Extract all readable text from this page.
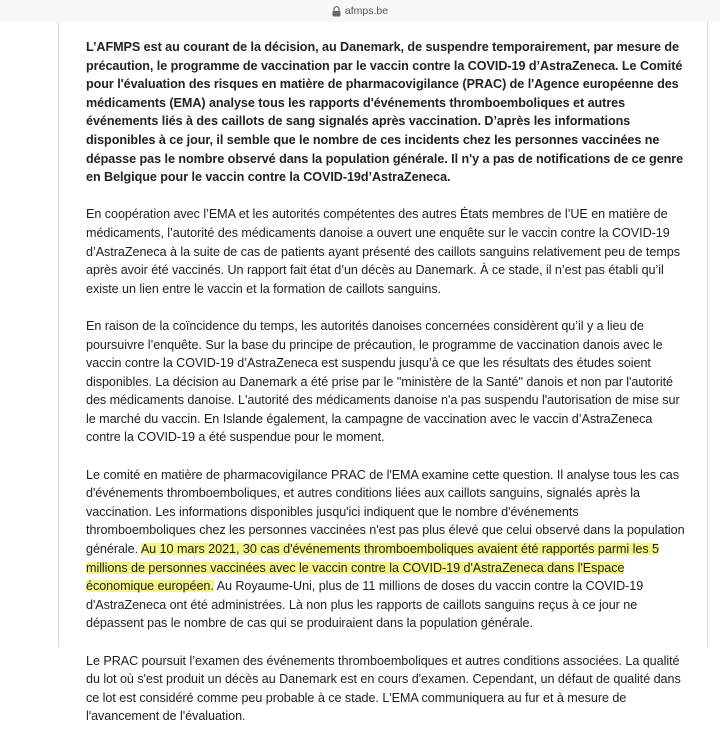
afmps.be

L’AFMPS est au courant de la décision, au Danemark, de suspendre temporairement, par mesure de précaution, le programme de vaccination par le vaccin contre la COVID-19 d’AstraZeneca. Le Comité pour l'évaluation des risques en matière de pharmacovigilance (PRAC) de l'Agence européenne des médicaments (EMA) analyse tous les rapports d'événements thromboemboliques et autres événements liés à des caillots de sang signalés après vaccination. D’après les informations disponibles à ce jour, il semble que le nombre de ces incidents chez les personnes vaccinées ne dépasse pas le nombre observé dans la population générale. Il n'y a pas de notifications de ce genre en Belgique pour le vaccin contre la COVID-19d’AstraZeneca.

En coopération avec l’EMA et les autorités compétentes des autres États membres de l’UE en matière de médicaments, l’autorité des médicaments danoise a ouvert une enquête sur le vaccin contre la COVID-19 d’AstraZeneca à la suite de cas de patients ayant présenté des caillots sanguins relativement peu de temps après avoir été vaccinés. Un rapport fait état d’un décès au Danemark. À ce stade, il n’est pas établi qu’il existe un lien entre le vaccin et la formation de caillots sanguins.

En raison de la coïncidence du temps, les autorités danoises concernées considèrent qu’il y a lieu de poursuivre l’enquête. Sur la base du principe de précaution, le programme de vaccination danois avec le vaccin contre la COVID-19 d’AstraZeneca est suspendu jusqu’à ce que les résultats des études soient disponibles. La décision au Danemark a été prise par le "ministère de la Santé" danois et non par l'autorité des médicaments danoise. L'autorité des médicaments danoise n'a pas suspendu l'autorisation de mise sur le marché du vaccin. En Islande également, la campagne de vaccination avec le vaccin d’AstraZeneca contre la COVID-19 a été suspendue pour le moment.

Le comité en matière de pharmacovigilance PRAC de l'EMA examine cette question. Il analyse tous les cas d'événements thromboemboliques, et autres conditions liées aux caillots sanguins, signalés après la vaccination. Les informations disponibles jusqu'ici indiquent que le nombre d'événements thromboemboliques chez les personnes vaccinées n'est pas plus élevé que celui observé dans la population générale. Au 10 mars 2021, 30 cas d'événements thromboemboliques avaient été rapportés parmi les 5 millions de personnes vaccinées avec le vaccin contre la COVID-19 d'AstraZeneca dans l'Espace économique européen. Au Royaume-Uni, plus de 11 millions de doses du vaccin contre la COVID-19 d'AstraZeneca ont été administrées. Là non plus les rapports de caillots sanguins reçus à ce jour ne dépassent pas le nombre de cas qui se produiraient dans la population générale.

Le PRAC poursuit l’examen des événements thromboemboliques et autres conditions associées. La qualité du lot où s'est produit un décès au Danemark est en cours d'examen. Cependant, un défaut de qualité dans ce lot est considéré comme peu probable à ce stade. L'EMA communiquera au fur et à mesure de l'avancement de l'évaluation.
